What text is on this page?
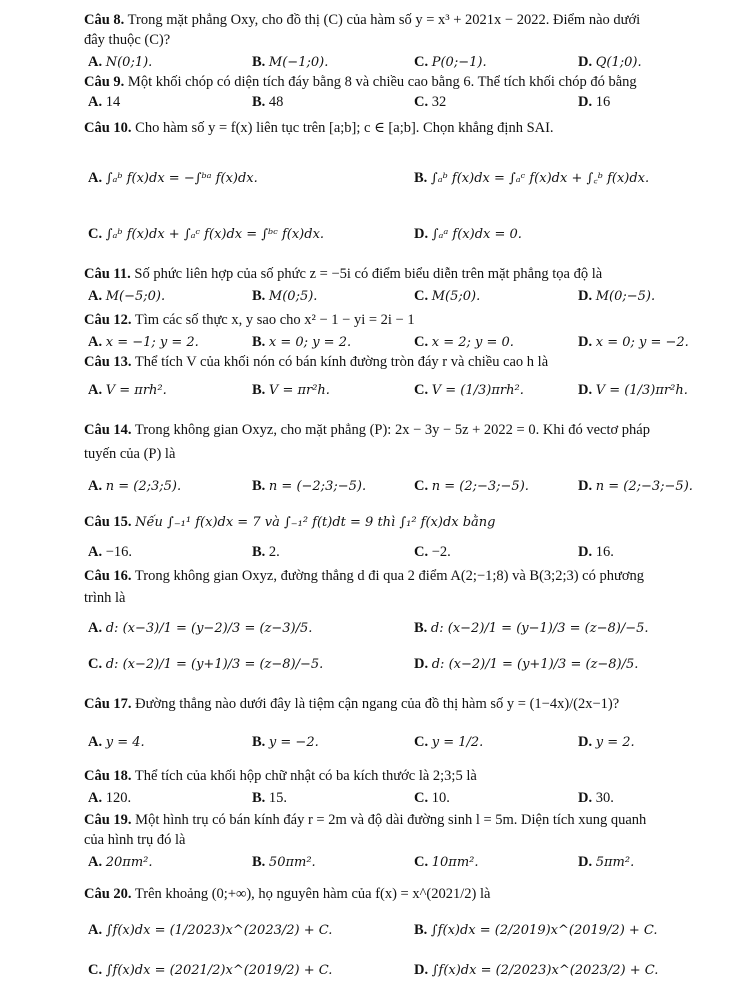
Câu 8. Trong mặt phẳng Oxy, cho đồ thị (C) của hàm số y = x³ + 2021x − 2022. Điểm nào dưới
đây thuộc (C)?
A. N(0;1).	B. M(−1;0).	C. P(0;−1).	D. Q(1;0).
Câu 9. Một khối chóp có diện tích đáy bằng 8 và chiều cao bằng 6. Thể tích khối chóp đó bằng
A. 14	B. 48	C. 32	D. 16
Câu 10. Cho hàm số y = f(x) liên tục trên [a;b]; c ∈ [a;b]. Chọn khẳng định SAI.
A. ∫ₐᵇ f(x)dx = −∫ᵇᵃ f(x)dx.	B. ∫ₐᵇ f(x)dx = ∫ₐᶜ f(x)dx + ∫꜀ᵇ f(x)dx.
C. ∫ₐᵇ f(x)dx + ∫ₐᶜ f(x)dx = ∫ᵇᶜ f(x)dx.	D. ∫ₐᵃ f(x)dx = 0.
Câu 11. Số phức liên hợp của số phức z = −5i có điểm biểu diễn trên mặt phẳng tọa độ là
A. M(−5;0).	B. M(0;5).	C. M(5;0).	D. M(0;−5).
Câu 12. Tìm các số thực x, y sao cho x² − 1 − yi = 2i − 1
A. x = −1; y = 2.	B. x = 0; y = 2.	C. x = 2; y = 0.	D. x = 0; y = −2.
Câu 13. Thể tích V của khối nón có bán kính đường tròn đáy r và chiều cao h là
A. V = πrh².	B. V = πr²h.	C. V = (1/3)πrh².	D. V = (1/3)πr²h.
Câu 14. Trong không gian Oxyz, cho mặt phẳng (P): 2x − 3y − 5z + 2022 = 0. Khi đó vectơ pháp
tuyến của (P) là
A. n = (2;3;5).	B. n = (−2;3;−5).	C. n = (2;−3;−5).	D. n = (2;−3;−5).
Câu 15. Nếu ∫₋₁¹ f(x)dx = 7 và ∫₋₁² f(t)dt = 9 thì ∫₁² f(x)dx bằng
A. −16.	B. 2.	C. −2.	D. 16.
Câu 16. Trong không gian Oxyz, đường thẳng d đi qua 2 điểm A(2;−1;8) và B(3;2;3) có phương
trình là
A. d: (x−3)/1 = (y−2)/3 = (z−3)/5.	B. d: (x−2)/1 = (y−1)/3 = (z−8)/−5.
C. d: (x−2)/1 = (y+1)/3 = (z−8)/−5.	D. d: (x−2)/1 = (y+1)/3 = (z−8)/5.
Câu 17. Đường thẳng nào dưới đây là tiệm cận ngang của đồ thị hàm số y = (1−4x)/(2x−1)?
A. y = 4.	B. y = −2.	C. y = 1/2.	D. y = 2.
Câu 18. Thể tích của khối hộp chữ nhật có ba kích thước là 2;3;5 là
A. 120.	B. 15.	C. 10.	D. 30.
Câu 19. Một hình trụ có bán kính đáy r = 2m và độ dài đường sinh l = 5m. Diện tích xung quanh
của hình trụ đó là
A. 20πm².	B. 50πm².	C. 10πm².	D. 5πm².
Câu 20. Trên khoảng (0;+∞), họ nguyên hàm của f(x) = x^(2021/2) là
A. ∫f(x)dx = (1/2023)x^(2023/2) + C.	B. ∫f(x)dx = (2/2019)x^(2019/2) + C.
C. ∫f(x)dx = (2021/2)x^(2019/2) + C.	D. ∫f(x)dx = (2/2023)x^(2023/2) + C.
